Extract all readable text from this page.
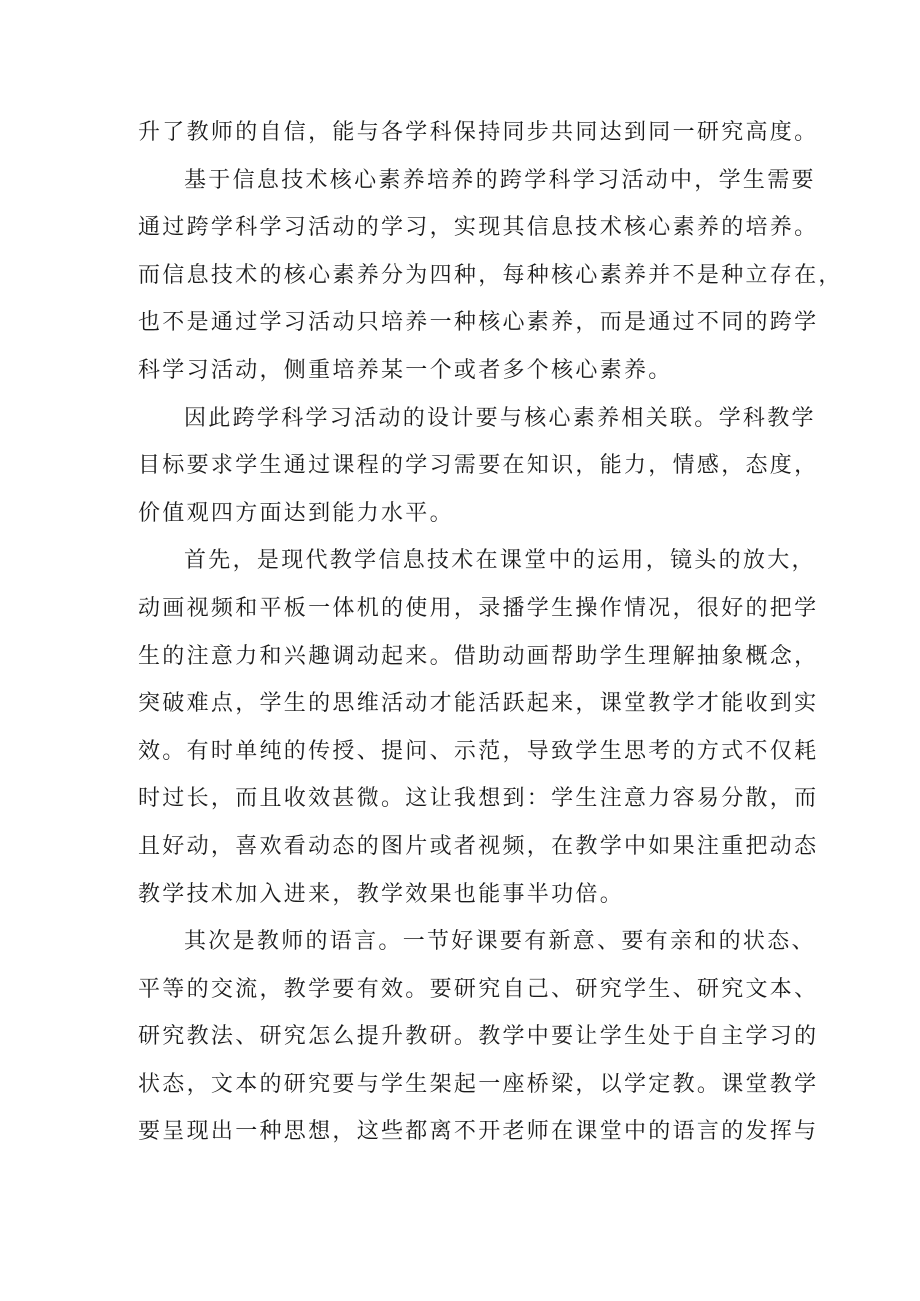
升了教师的自信，能与各学科保持同步共同达到同一研究高度。
基于信息技术核心素养培养的跨学科学习活动中，学生需要
通过跨学科学习活动的学习，实现其信息技术核心素养的培养。
而信息技术的核心素养分为四种，每种核心素养并不是种立存在，
也不是通过学习活动只培养一种核心素养，而是通过不同的跨学
科学习活动，侧重培养某一个或者多个核心素养。
因此跨学科学习活动的设计要与核心素养相关联。学科教学
目标要求学生通过课程的学习需要在知识，能力，情感，态度，
价值观四方面达到能力水平。
首先，是现代教学信息技术在课堂中的运用，镜头的放大，
动画视频和平板一体机的使用，录播学生操作情况，很好的把学
生的注意力和兴趣调动起来。借助动画帮助学生理解抽象概念，
突破难点，学生的思维活动才能活跃起来，课堂教学才能收到实
效。有时单纯的传授、提问、示范，导致学生思考的方式不仅耗
时过长，而且收效甚微。这让我想到：学生注意力容易分散，而
且好动，喜欢看动态的图片或者视频，在教学中如果注重把动态
教学技术加入进来，教学效果也能事半功倍。
其次是教师的语言。一节好课要有新意、要有亲和的状态、
平等的交流，教学要有效。要研究自己、研究学生、研究文本、
研究教法、研究怎么提升教研。教学中要让学生处于自主学习的
状态，文本的研究要与学生架起一座桥梁，以学定教。课堂教学
要呈现出一种思想，这些都离不开老师在课堂中的语言的发挥与
